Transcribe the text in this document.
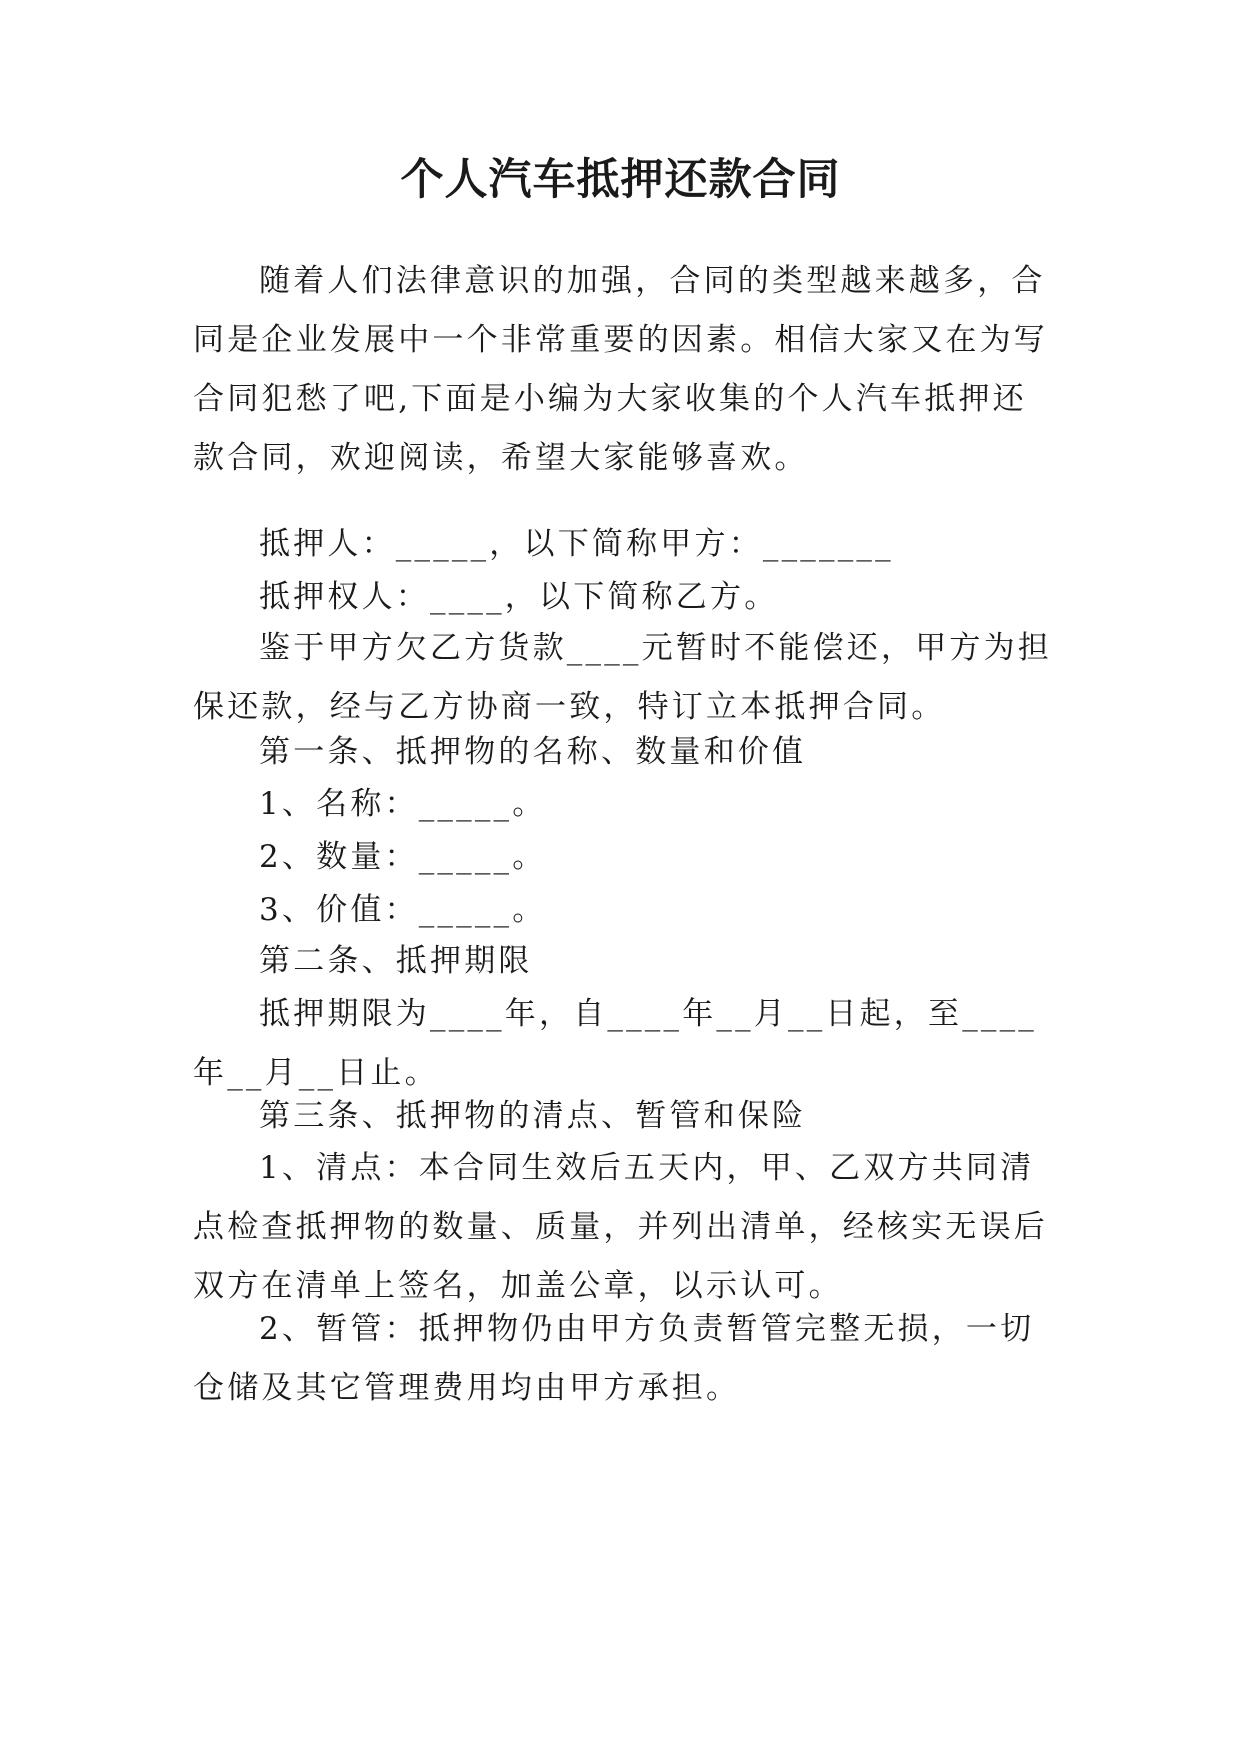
个人汽车抵押还款合同

随着人们法律意识的加强，合同的类型越来越多，合同是企业发展中一个非常重要的因素。相信大家又在为写合同犯愁了吧,下面是小编为大家收集的个人汽车抵押还款合同，欢迎阅读，希望大家能够喜欢。

抵押人：_____，以下简称甲方：_______

抵押权人：____，以下简称乙方。

鉴于甲方欠乙方货款____元暂时不能偿还，甲方为担保还款，经与乙方协商一致，特订立本抵押合同。

第一条、抵押物的名称、数量和价值

1、名称：_____。

2、数量：_____。

3、价值：_____。

第二条、抵押期限

抵押期限为____年，自____年__月__日起，至____年__月__日止。

第三条、抵押物的清点、暂管和保险

1、清点：本合同生效后五天内，甲、乙双方共同清点检查抵押物的数量、质量，并列出清单，经核实无误后双方在清单上签名，加盖公章，以示认可。

2、暂管：抵押物仍由甲方负责暂管完整无损，一切仓储及其它管理费用均由甲方承担。
